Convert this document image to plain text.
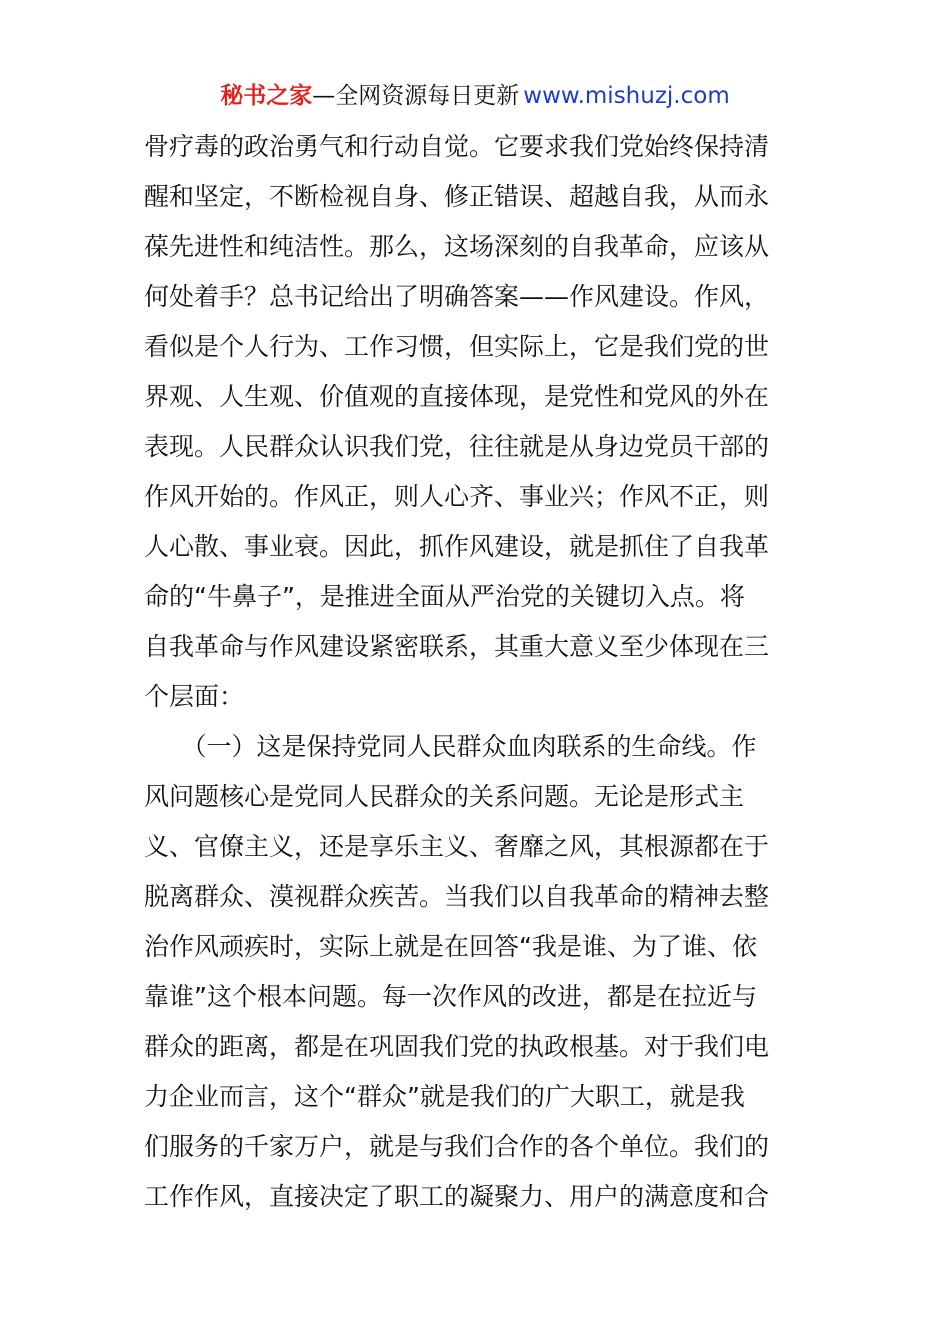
秘书之家—全网资源每日更新 www.mishuzj.com
骨疗毒的政治勇气和行动自觉。它要求我们党始终保持清
醒和坚定，不断检视自身、修正错误、超越自我，从而永
葆先进性和纯洁性。那么，这场深刻的自我革命，应该从
何处着手？总书记给出了明确答案——作风建设。作风，
看似是个人行为、工作习惯，但实际上，它是我们党的世
界观、人生观、价值观的直接体现，是党性和党风的外在
表现。人民群众认识我们党，往往就是从身边党员干部的
作风开始的。作风正，则人心齐、事业兴；作风不正，则
人心散、事业衰。因此，抓作风建设，就是抓住了自我革
命的“牛鼻子”，是推进全面从严治党的关键切入点。将
自我革命与作风建设紧密联系，其重大意义至少体现在三
个层面：
　　（一）这是保持党同人民群众血肉联系的生命线。作
风问题核心是党同人民群众的关系问题。无论是形式主
义、官僚主义，还是享乐主义、奢靡之风，其根源都在于
脱离群众、漠视群众疾苦。当我们以自我革命的精神去整
治作风顽疾时，实际上就是在回答“我是谁、为了谁、依
靠谁”这个根本问题。每一次作风的改进，都是在拉近与
群众的距离，都是在巩固我们党的执政根基。对于我们电
力企业而言，这个“群众”就是我们的广大职工，就是我
们服务的千家万户，就是与我们合作的各个单位。我们的
工作作风，直接决定了职工的凝聚力、用户的满意度和合
